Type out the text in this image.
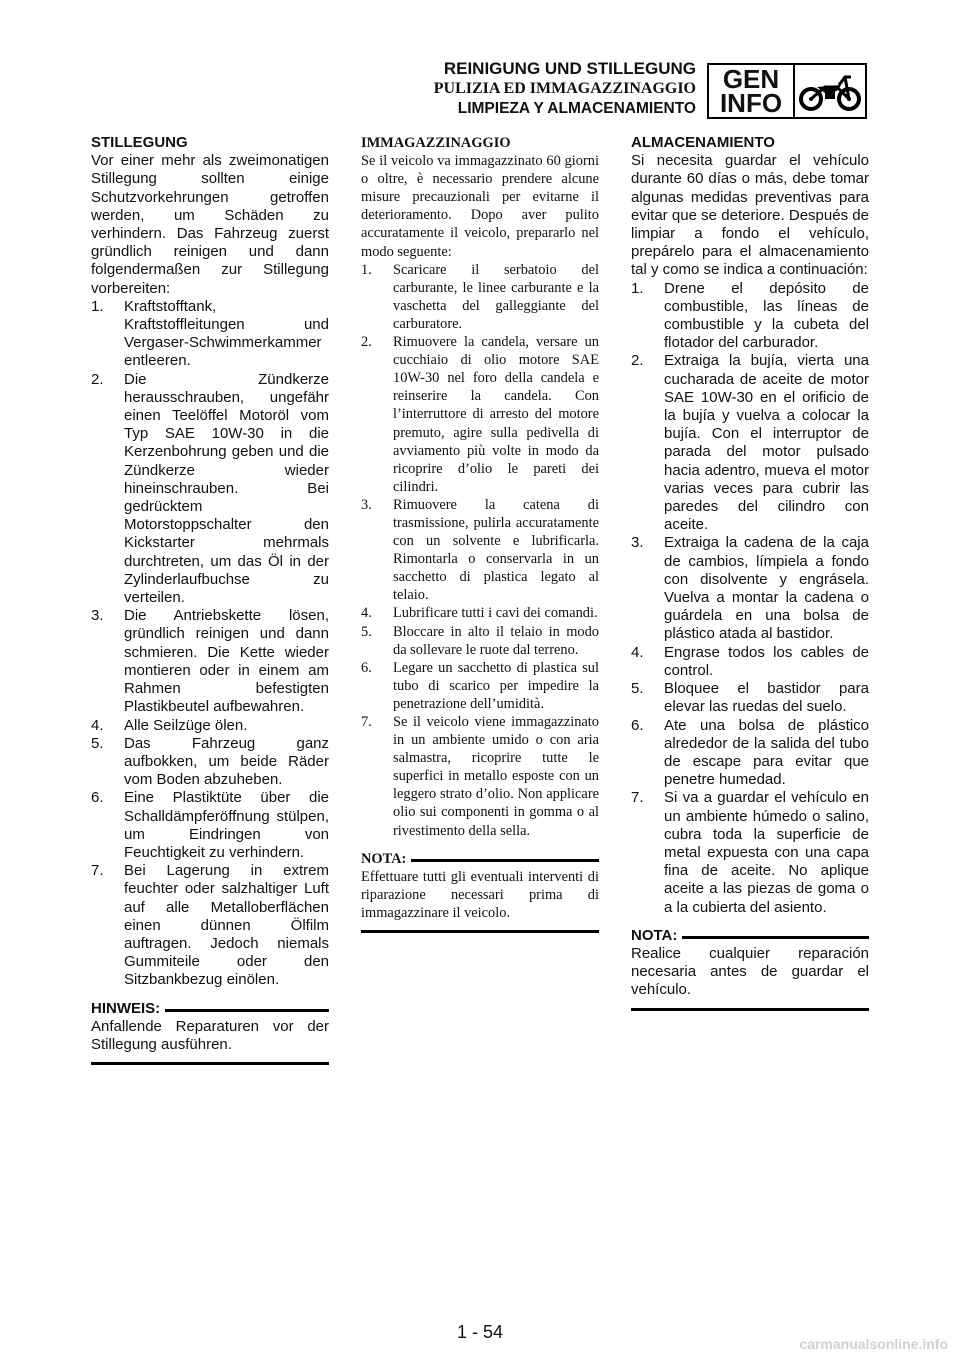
REINIGUNG UND STILLEGUNG
PULIZIA ED IMMAGAZZINAGGIO
LIMPIEZA Y ALMACENAMIENTO
GEN
INFO
STILLEGUNG
Vor einer mehr als zweimonatigen Stillegung sollten einige Schutzvorkehrungen getroffen werden, um Schäden zu verhindern. Das Fahrzeug zuerst gründlich reinigen und dann folgendermaßen zur Stillegung vorbereiten:
1. Kraftstofftank, Kraftstoffleitungen und Vergaser-Schwimmerkammer entleeren.
2. Die Zündkerze herausschrauben, ungefähr einen Teelöffel Motoröl vom Typ SAE 10W-30 in die Kerzenbohrung geben und die Zündkerze wieder hineinschrauben. Bei gedrücktem Motorstoppschalter den Kickstarter mehrmals durchtreten, um das Öl in der Zylinderlaufbuchse zu verteilen.
3. Die Antriebskette lösen, gründlich reinigen und dann schmieren. Die Kette wieder montieren oder in einem am Rahmen befestigten Plastikbeutel aufbewahren.
4. Alle Seilzüge ölen.
5. Das Fahrzeug ganz aufbokken, um beide Räder vom Boden abzuheben.
6. Eine Plastiktüte über die Schalldämpferöffnung stülpen, um Eindringen von Feuchtigkeit zu verhindern.
7. Bei Lagerung in extrem feuchter oder salzhaltiger Luft auf alle Metalloberflächen einen dünnen Ölfilm auftragen. Jedoch niemals Gummiteile oder den Sitzbankbezug einölen.
HINWEIS:
Anfallende Reparaturen vor der Stillegung ausführen.
IMMAGAZZINAGGIO
Se il veicolo va immagazzinato 60 giorni o oltre, è necessario prendere alcune misure precauzionali per evitarne il deterioramento. Dopo aver pulito accuratamente il veicolo, prepararlo nel modo seguente:
1. Scaricare il serbatoio del carburante, le linee carburante e la vaschetta del galleggiante del carburatore.
2. Rimuovere la candela, versare un cucchiaio di olio motore SAE 10W-30 nel foro della candela e reinserire la candela. Con l’interruttore di arresto del motore premuto, agire sulla pedivella di avviamento più volte in modo da ricoprire d’olio le pareti dei cilindri.
3. Rimuovere la catena di trasmissione, pulirla accuratamente con un solvente e lubrificarla. Rimontarla o conservarla in un sacchetto di plastica legato al telaio.
4. Lubrificare tutti i cavi dei comandi.
5. Bloccare in alto il telaio in modo da sollevare le ruote dal terreno.
6. Legare un sacchetto di plastica sul tubo di scarico per impedire la penetrazione dell’umidità.
7. Se il veicolo viene immagazzinato in un ambiente umido o con aria salmastra, ricoprire tutte le superfici in metallo esposte con un leggero strato d’olio. Non applicare olio sui componenti in gomma o al rivestimento della sella.
NOTA:
Effettuare tutti gli eventuali interventi di riparazione necessari prima di immagazzinare il veicolo.
ALMACENAMIENTO
Si necesita guardar el vehículo durante 60 días o más, debe tomar algunas medidas preventivas para evitar que se deteriore. Después de limpiar a fondo el vehículo, prepárelo para el almacenamiento tal y como se indica a continuación:
1. Drene el depósito de combustible, las líneas de combustible y la cubeta del flotador del carburador.
2. Extraiga la bujía, vierta una cucharada de aceite de motor SAE 10W-30 en el orificio de la bujía y vuelva a colocar la bujía. Con el interruptor de parada del motor pulsado hacia adentro, mueva el motor varias veces para cubrir las paredes del cilindro con aceite.
3. Extraiga la cadena de la caja de cambios, límpiela a fondo con disolvente y engrásela. Vuelva a montar la cadena o guárdela en una bolsa de plástico atada al bastidor.
4. Engrase todos los cables de control.
5. Bloquee el bastidor para elevar las ruedas del suelo.
6. Ate una bolsa de plástico alrededor de la salida del tubo de escape para evitar que penetre humedad.
7. Si va a guardar el vehículo en un ambiente húmedo o salino, cubra toda la superficie de metal expuesta con una capa fina de aceite. No aplique aceite a las piezas de goma o a la cubierta del asiento.
NOTA:
Realice cualquier reparación necesaria antes de guardar el vehículo.
1 - 54
carmanualsonline.info
